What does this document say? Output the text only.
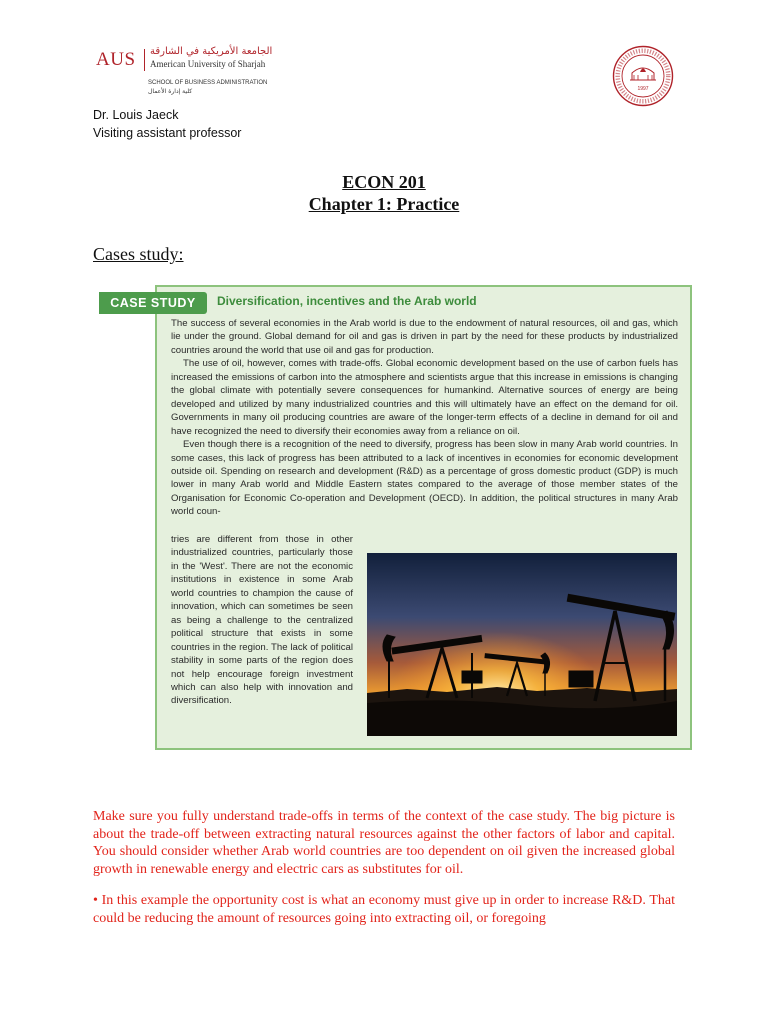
AUS الجامعة الأمريكية في الشارقة
American University of Sharjah
SCHOOL OF BUSINESS ADMINISTRATION
كلية إدارة الأعمال	1997
Dr. Louis Jaeck
Visiting assistant professor
ECON 201
Chapter 1: Practice
Cases study:
CASE STUDY	Diversification, incentives and the Arab world

The success of several economies in the Arab world is due to the endowment of natural resources, oil and gas, which lie under the ground. Global demand for oil and gas is driven in part by the need for these products by industrialized countries around the world that use oil and gas for production.

The use of oil, however, comes with trade-offs. Global economic development based on the use of carbon fuels has increased the emissions of carbon into the atmosphere and scientists argue that this increase in emissions is changing the global climate with potentially severe consequences for humankind. Alternative sources of energy are being developed and utilized by many industrialized countries and this will ultimately have an effect on the demand for oil. Governments in many oil producing countries are aware of the longer-term effects of a decline in demand for oil and have recognized the need to diversify their economies away from a reliance on oil.

Even though there is a recognition of the need to diversify, progress has been slow in many Arab world countries. In some cases, this lack of progress has been attributed to a lack of incentives in economies for economic development outside oil. Spending on research and development (R&D) as a percentage of gross domestic product (GDP) is much lower in many Arab world and Middle Eastern states compared to the average of those member states of the Organisation for Economic Co-operation and Development (OECD). In addition, the political structures in many Arab world coun-

tries are different from those in other industrialized countries, particularly those in the 'West'. There are not the economic institutions in existence in some Arab world countries to champion the cause of innovation, which can sometimes be seen as being a challenge to the centralized political structure that exists in some countries in the region. The lack of political stability in some parts of the region does not help encourage foreign investment which can also help with innovation and diversification.
Make sure you fully understand trade-offs in terms of the context of the case study. The big picture is about the trade-off between extracting natural resources against the other factors of labor and capital. You should consider whether Arab world countries are too dependent on oil given the increased global growth in renewable energy and electric cars as substitutes for oil.
• In this example the opportunity cost is what an economy must give up in order to increase R&D. That could be reducing the amount of resources going into extracting oil, or foregoing
